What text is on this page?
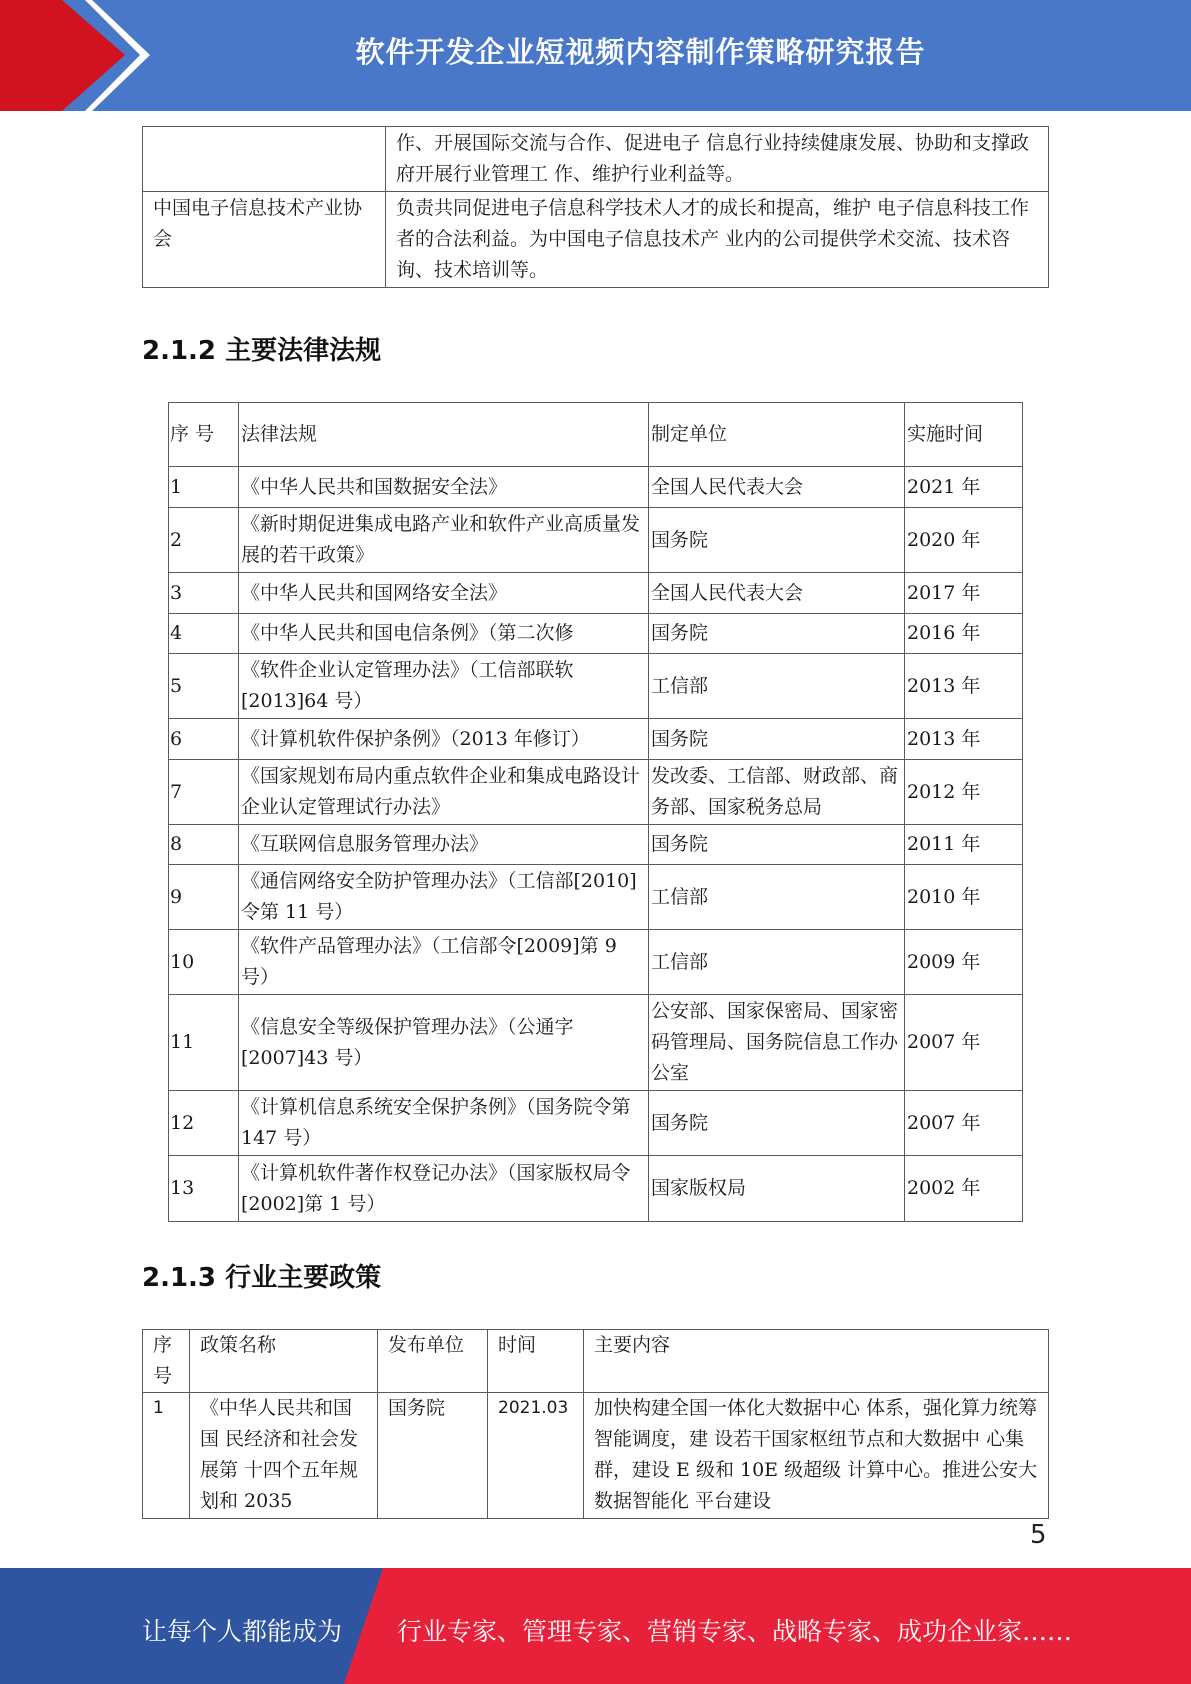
软件开发企业短视频内容制作策略研究报告
	作、开展国际交流与合作、促进电子 信息行业持续健康发展、协助和支撑政府开展行业管理工 作、维护行业利益等。
中国电子信息技术产业协会	负责共同促进电子信息科学技术人才的成长和提高，维护 电子信息科技工作者的合法利益。为中国电子信息技术产 业内的公司提供学术交流、技术咨询、技术培训等。
2.1.2 主要法律法规
序 号	法律法规	制定单位	实施时间
1	《中华人民共和国数据安全法》	全国人民代表大会	2021 年
2	《新时期促进集成电路产业和软件产业高质量发展的若干政策》	国务院	2020 年
3	《中华人民共和国网络安全法》	全国人民代表大会	2017 年
4	《中华人民共和国电信条例》（第二次修	国务院	2016 年
5	《软件企业认定管理办法》（工信部联软[2013]64 号）	工信部	2013 年
6	《计算机软件保护条例》（2013 年修订）	国务院	2013 年
7	《国家规划布局内重点软件企业和集成电路设计企业认定管理试行办法》	发改委、工信部、财政部、商务部、国家税务总局	2012 年
8	《互联网信息服务管理办法》	国务院	2011 年
9	《通信网络安全防护管理办法》（工信部[2010]令第 11 号）	工信部	2010 年
10	《软件产品管理办法》（工信部令[2009]第 9 号）	工信部	2009 年
11	《信息安全等级保护管理办法》（公通字[2007]43 号）	公安部、国家保密局、国家密码管理局、国务院信息工作办公室	2007 年
12	《计算机信息系统安全保护条例》（国务院令第 147 号）	国务院	2007 年
13	《计算机软件著作权登记办法》（国家版权局令[2002]第 1 号）	国家版权局	2002 年
2.1.3 行业主要政策
序号	政策名称	发布单位	时间	主要内容
1	《中华人民共和国国 民经济和社会发展第 十四个五年规划和 2035	国务院	2021.03	加快构建全国一体化大数据中心 体系，强化算力统筹智能调度，建 设若干国家枢纽节点和大数据中 心集群，建设 E 级和 10E 级超级 计算中心。推进公安大数据智能化 平台建设
5
让每个人都能成为 行业专家、管理专家、营销专家、战略专家、成功企业家……
